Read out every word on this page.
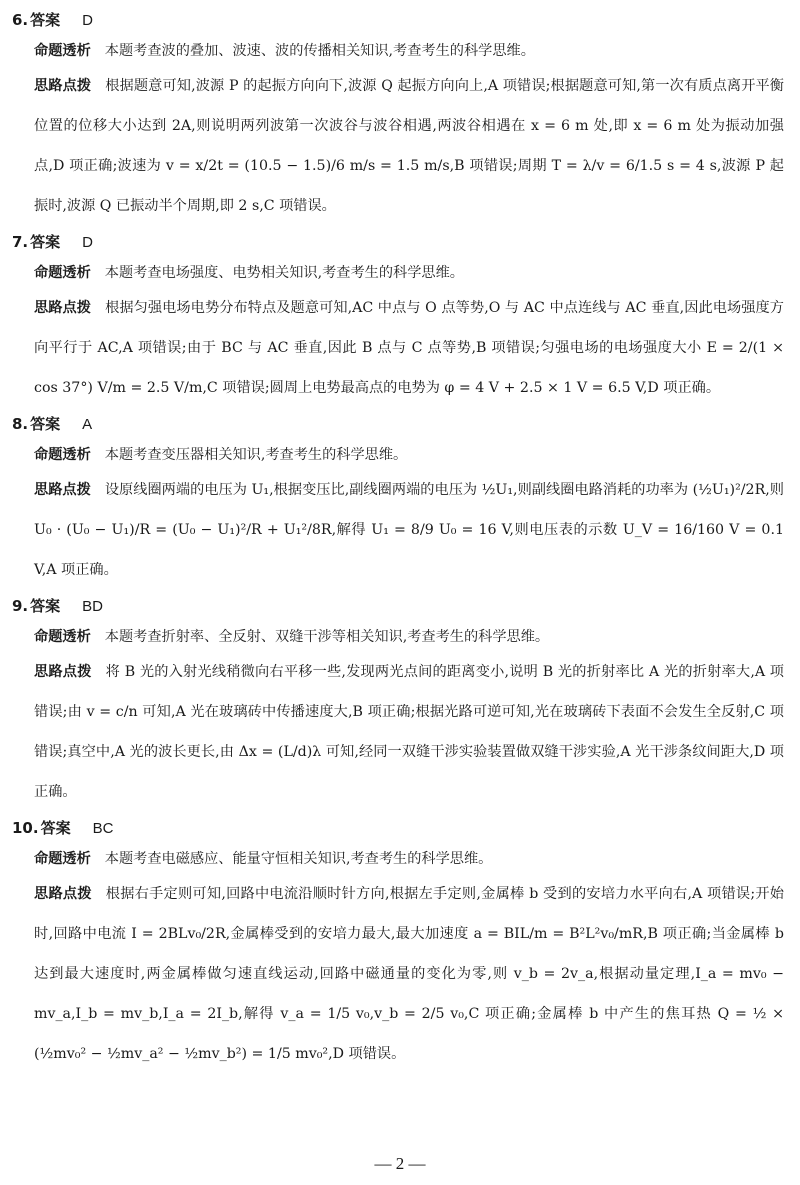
6. 答案 D

命题透析 本题考查波的叠加、波速、波的传播相关知识,考查考生的科学思维。

思路点拨 根据题意可知,波源 P 的起振方向向下,波源 Q 起振方向向上,A 项错误;根据题意可知,第一次有质点离开平衡位置的位移大小达到 2A,则说明两列波第一次波谷与波谷相遇,两波谷相遇在 x = 6 m 处,即 x = 6 m 处为振动加强点,D 项正确;波速为 v = x/2t = (10.5 − 1.5)/6 m/s = 1.5 m/s,B 项错误;周期 T = λ/v = 6/1.5 s = 4 s,波源 P 起振时,波源 Q 已振动半个周期,即 2 s,C 项错误。

7. 答案 D

命题透析 本题考查电场强度、电势相关知识,考查考生的科学思维。

思路点拨 根据匀强电场电势分布特点及题意可知,AC 中点与 O 点等势,O 与 AC 中点连线与 AC 垂直,因此电场强度方向平行于 AC,A 项错误;由于 BC 与 AC 垂直,因此 B 点与 C 点等势,B 项错误;匀强电场的电场强度大小 E = 2/(1 × cos 37°) V/m = 2.5 V/m,C 项错误;圆周上电势最高点的电势为 φ = 4 V + 2.5 × 1 V = 6.5 V,D 项正确。

8. 答案 A

命题透析 本题考查变压器相关知识,考查考生的科学思维。

思路点拨 设原线圈两端的电压为 U₁,根据变压比,副线圈两端的电压为 ½U₁,则副线圈电路消耗的功率为 (½U₁)²/2R,则 U₀ · (U₀ − U₁)/R = (U₀ − U₁)²/R + U₁²/8R,解得 U₁ = 8/9 U₀ = 16 V,则电压表的示数 U_V = 16/160 V = 0.1 V,A 项正确。

9. 答案 BD

命题透析 本题考查折射率、全反射、双缝干涉等相关知识,考查考生的科学思维。

思路点拨 将 B 光的入射光线稍微向右平移一些,发现两光点间的距离变小,说明 B 光的折射率比 A 光的折射率大,A 项错误;由 v = c/n 可知,A 光在玻璃砖中传播速度大,B 项正确;根据光路可逆可知,光在玻璃砖下表面不会发生全反射,C 项错误;真空中,A 光的波长更长,由 Δx = (L/d)λ 可知,经同一双缝干涉实验装置做双缝干涉实验,A 光干涉条纹间距大,D 项正确。

10. 答案 BC

命题透析 本题考查电磁感应、能量守恒相关知识,考查考生的科学思维。

思路点拨 根据右手定则可知,回路中电流沿顺时针方向,根据左手定则,金属棒 b 受到的安培力水平向右,A 项错误;开始时,回路中电流 I = 2BLv₀/2R,金属棒受到的安培力最大,最大加速度 a = BIL/m = B²L²v₀/mR,B 项正确;当金属棒 b 达到最大速度时,两金属棒做匀速直线运动,回路中磁通量的变化为零,则 v_b = 2v_a,根据动量定理,I_a = mv₀ − mv_a,I_b = mv_b,I_a = 2I_b,解得 v_a = 1/5 v₀,v_b = 2/5 v₀,C 项正确;金属棒 b 中产生的焦耳热 Q = ½ × (½mv₀² − ½mv_a² − ½mv_b²) = 1/5 mv₀²,D 项错误。

— 2 —
